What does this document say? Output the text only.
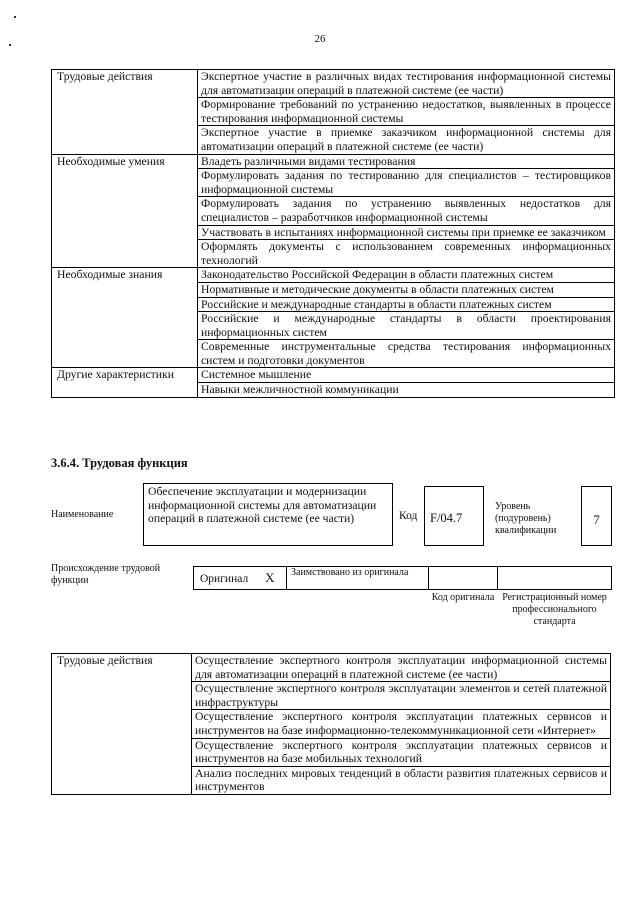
26
Трудовые действия	Экспертное участие в различных видах тестирования информационной системы для автоматизации операций в платежной системе (ее части)
	Формирование требований по устранению недостатков, выявленных в процессе тестирования информационной системы
	Экспертное участие в приемке заказчиком информационной системы для автоматизации операций в платежной системе (ее части)
Необходимые умения	Владеть различными видами тестирования
	Формулировать задания по тестированию для специалистов – тестировщиков информационной системы
	Формулировать задания по устранению выявленных недостатков для специалистов – разработчиков информационной системы
	Участвовать в испытаниях информационной системы при приемке ее заказчиком
	Оформлять документы с использованием современных информационных технологий
Необходимые знания	Законодательство Российской Федерации в области платежных систем
	Нормативные и методические документы в области платежных систем
	Российские и международные стандарты в области платежных систем
	Российские и международные стандарты в области проектирования информационных систем
	Современные инструментальные средства тестирования информационных систем и подготовки документов
Другие характеристики	Системное мышление
	Навыки межличностной коммуникации
3.6.4. Трудовая функция
Наименование
Обеспечение эксплуатации и модернизации информационной системы для автоматизации операций в платежной системе (ее части)	Код	F/04.7
Уровень (подуровень) квалификации
7
Происхождение трудовой функции	Оригинал X	Заимствовано из оригинала
Код оригинала Регистрационный номер профессионального стандарта
Трудовые действия	Осуществление экспертного контроля эксплуатации информационной системы для автоматизации операций в платежной системе (ее части)
Осуществление экспертного контроля эксплуатации элементов и сетей платежной инфраструктуры
Осуществление экспертного контроля эксплуатации платежных сервисов и инструментов на базе информационно-телекоммуникационной сети «Интернет»
Осуществление экспертного контроля эксплуатации платежных сервисов и инструментов на базе мобильных технологий
Анализ последних мировых тенденций в области развития платежных сервисов и инструментов
